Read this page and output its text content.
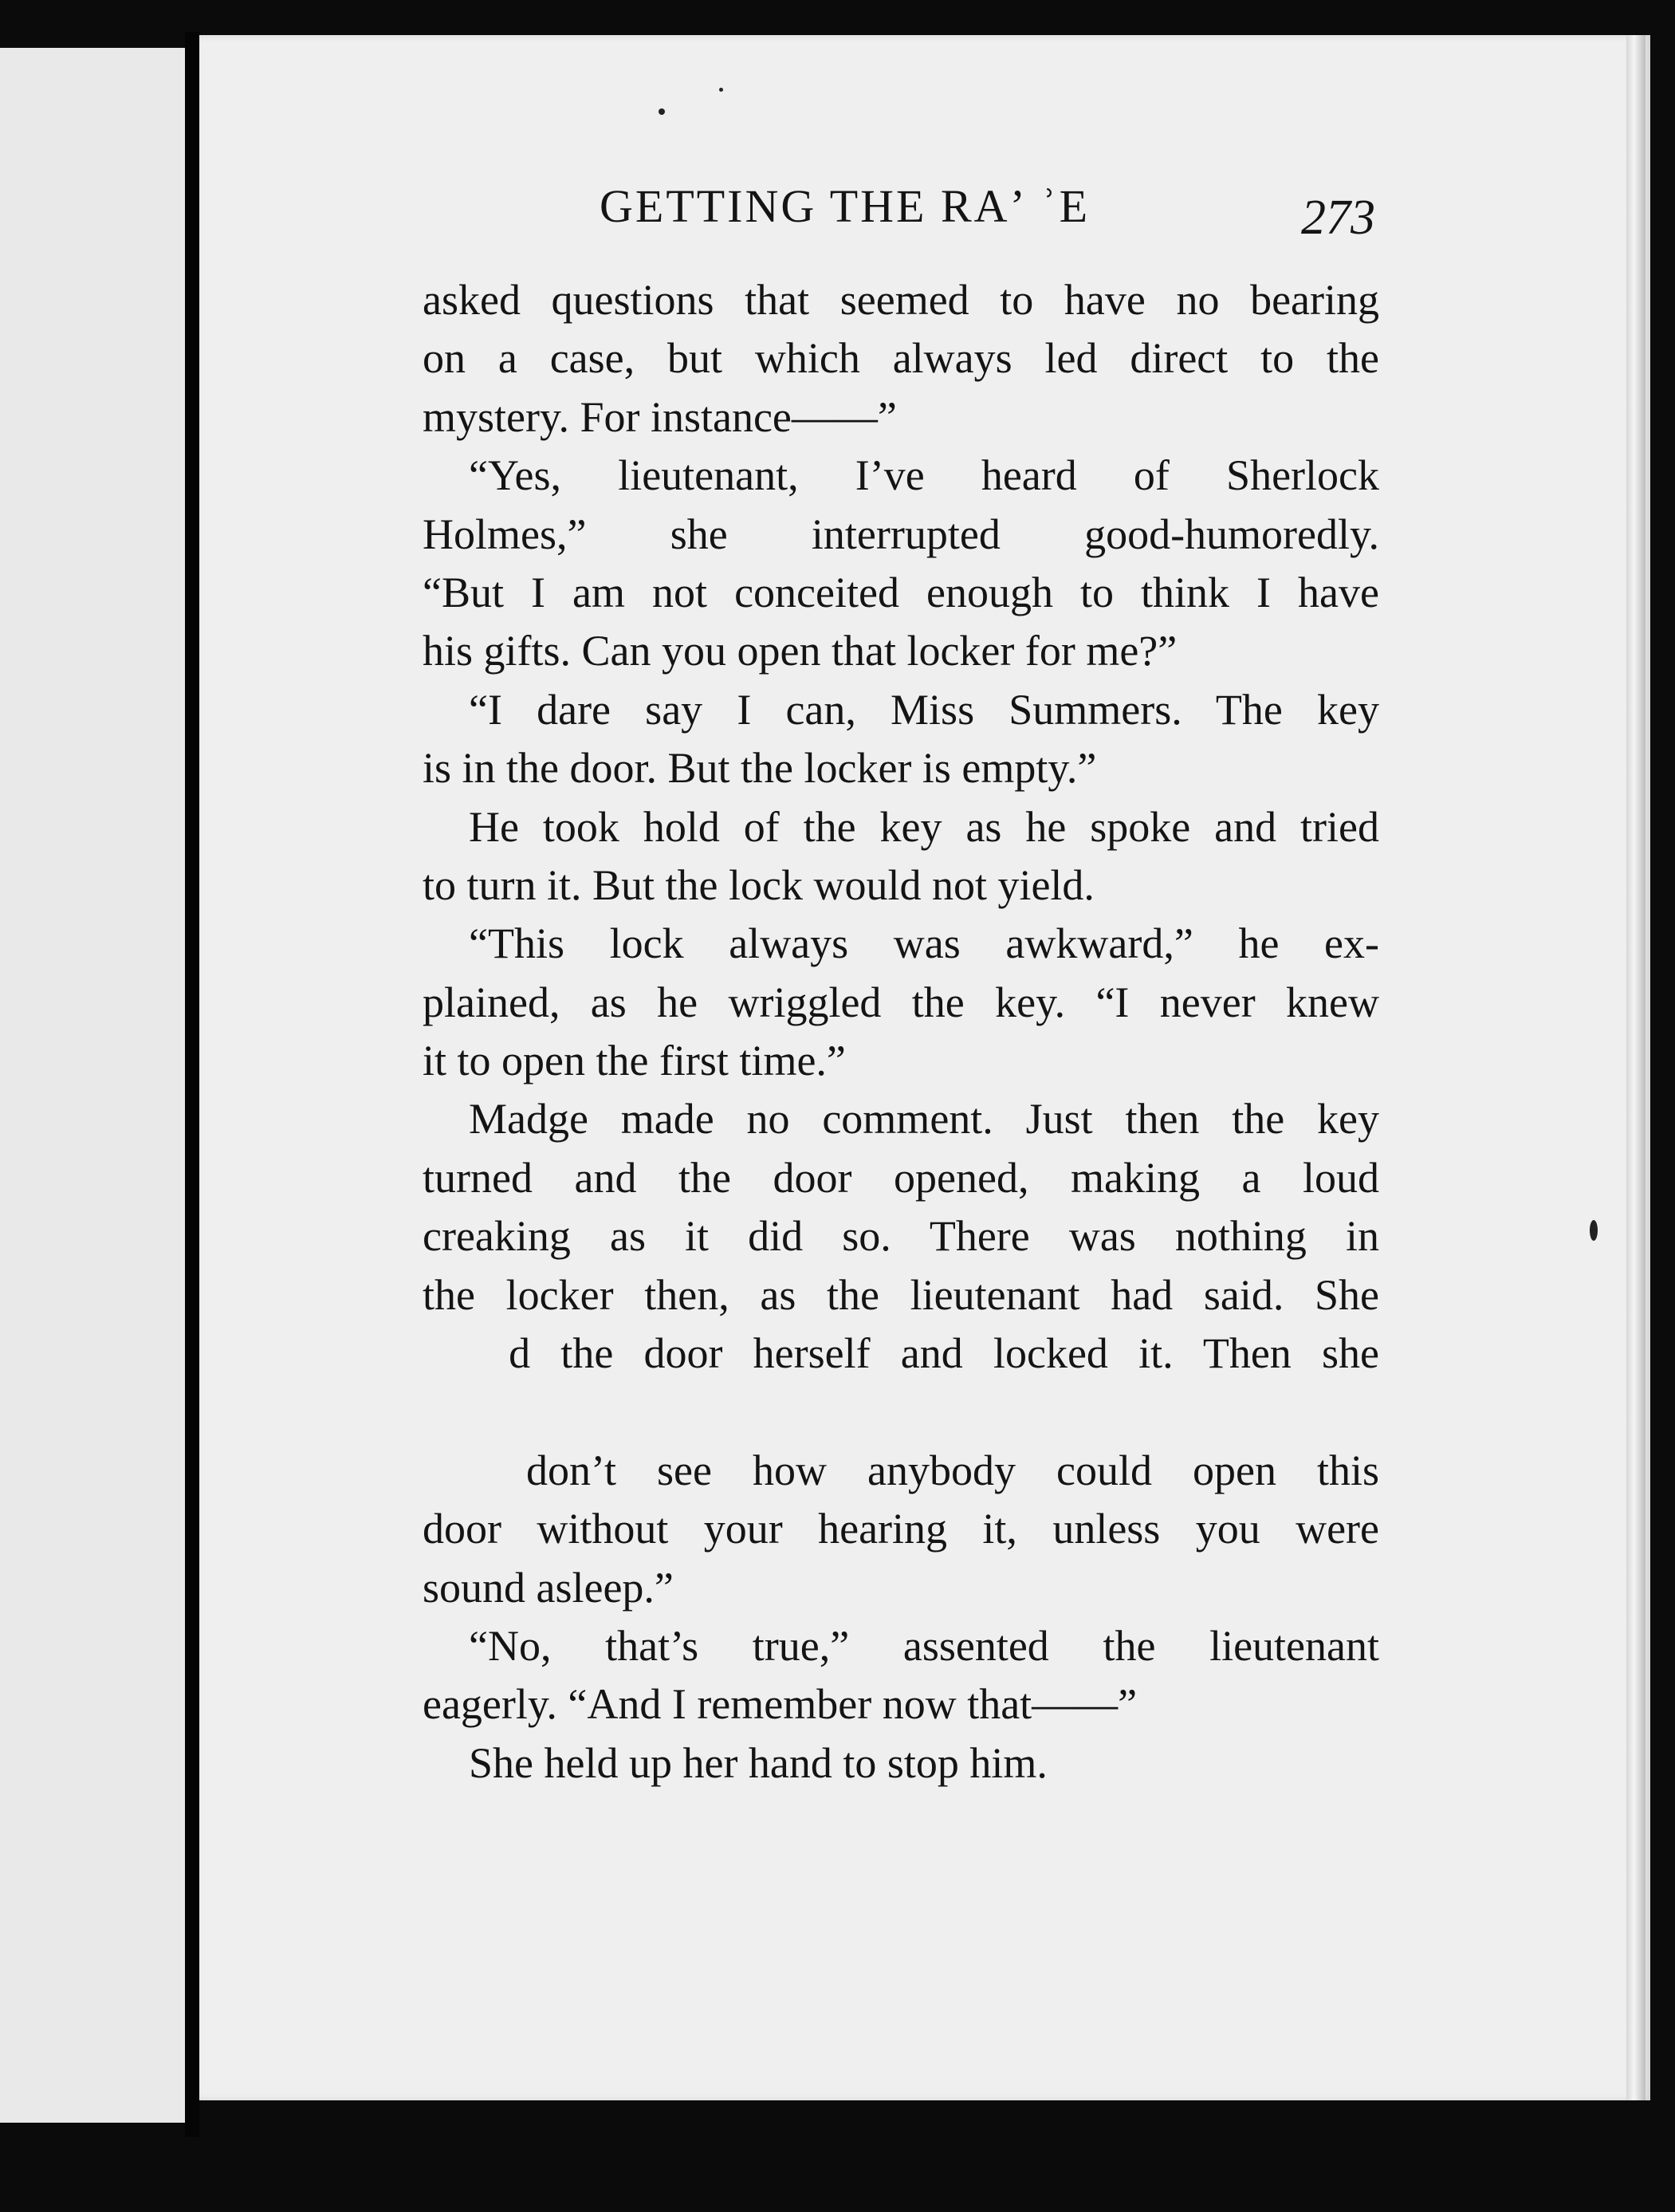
GETTING THE RAʼ ʾE	273
asked questions that seemed to have no bearing
on a case, but which always led direct to the
mystery. For instance——”
“Yes, lieutenant, I’ve heard of Sherlock
Holmes,” she interrupted good-humoredly.
“But I am not conceited enough to think I have
his gifts. Can you open that locker for me?”
“I dare say I can, Miss Summers. The key
is in the door. But the locker is empty.”
He took hold of the key as he spoke and tried
to turn it. But the lock would not yield.
“This lock always was awkward,” he ex-
plained, as he wriggled the key. “I never knew
it to open the first time.”
Madge made no comment. Just then the key
turned and the door opened, making a loud
creaking as it did so. There was nothing in
the locker then, as the lieutenant had said. She
          d the door herself and locked it. Then she
don’t see how anybody could open this
door without your hearing it, unless you were
sound asleep.”
“No, that’s true,” assented the lieutenant
eagerly. “And I remember now that——”
She held up her hand to stop him.
